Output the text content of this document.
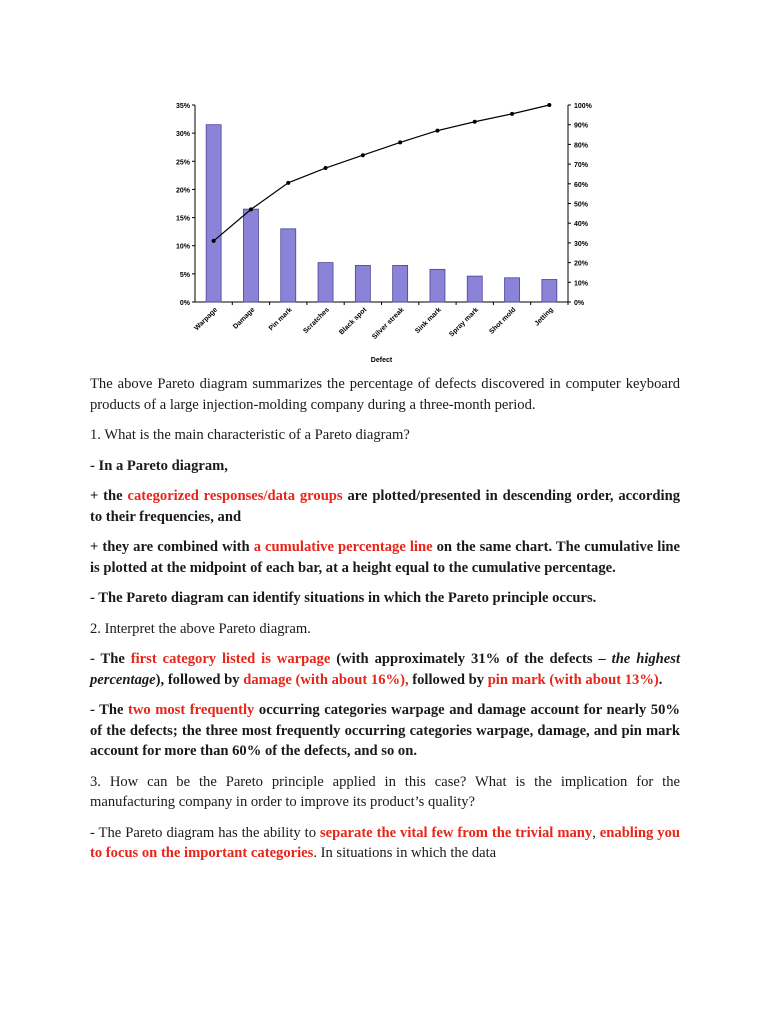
0%
5%
10%
15%
20%
25%
30%
35%
0%
10%
20%
30%
40%
50%
60%
70%
80%
90%
100%
Warpage Damage Pin mark Scratches Black spot Silver streak Sink mark Spray mark Shot mold Jetting
Defect

The above Pareto diagram summarizes the percentage of defects discovered in computer keyboard products of a large injection-molding company during a three-month period.

1. What is the main characteristic of a Pareto diagram?

- In a Pareto diagram,

+ the categorized responses/data groups are plotted/presented in descending order, according to their frequencies, and

+ they are combined with a cumulative percentage line on the same chart. The cumulative line is plotted at the midpoint of each bar, at a height equal to the cumulative percentage.

- The Pareto diagram can identify situations in which the Pareto principle occurs.

2. Interpret the above Pareto diagram.

- The first category listed is warpage (with approximately 31% of the defects – the highest percentage), followed by damage (with about 16%), followed by pin mark (with about 13%).

- The two most frequently occurring categories warpage and damage account for nearly 50% of the defects; the three most frequently occurring categories warpage, damage, and pin mark account for more than 60% of the defects, and so on.

3. How can be the Pareto principle applied in this case? What is the implication for the manufacturing company in order to improve its product’s quality?

- The Pareto diagram has the ability to separate the vital few from the trivial many, enabling you to focus on the important categories. In situations in which the data
